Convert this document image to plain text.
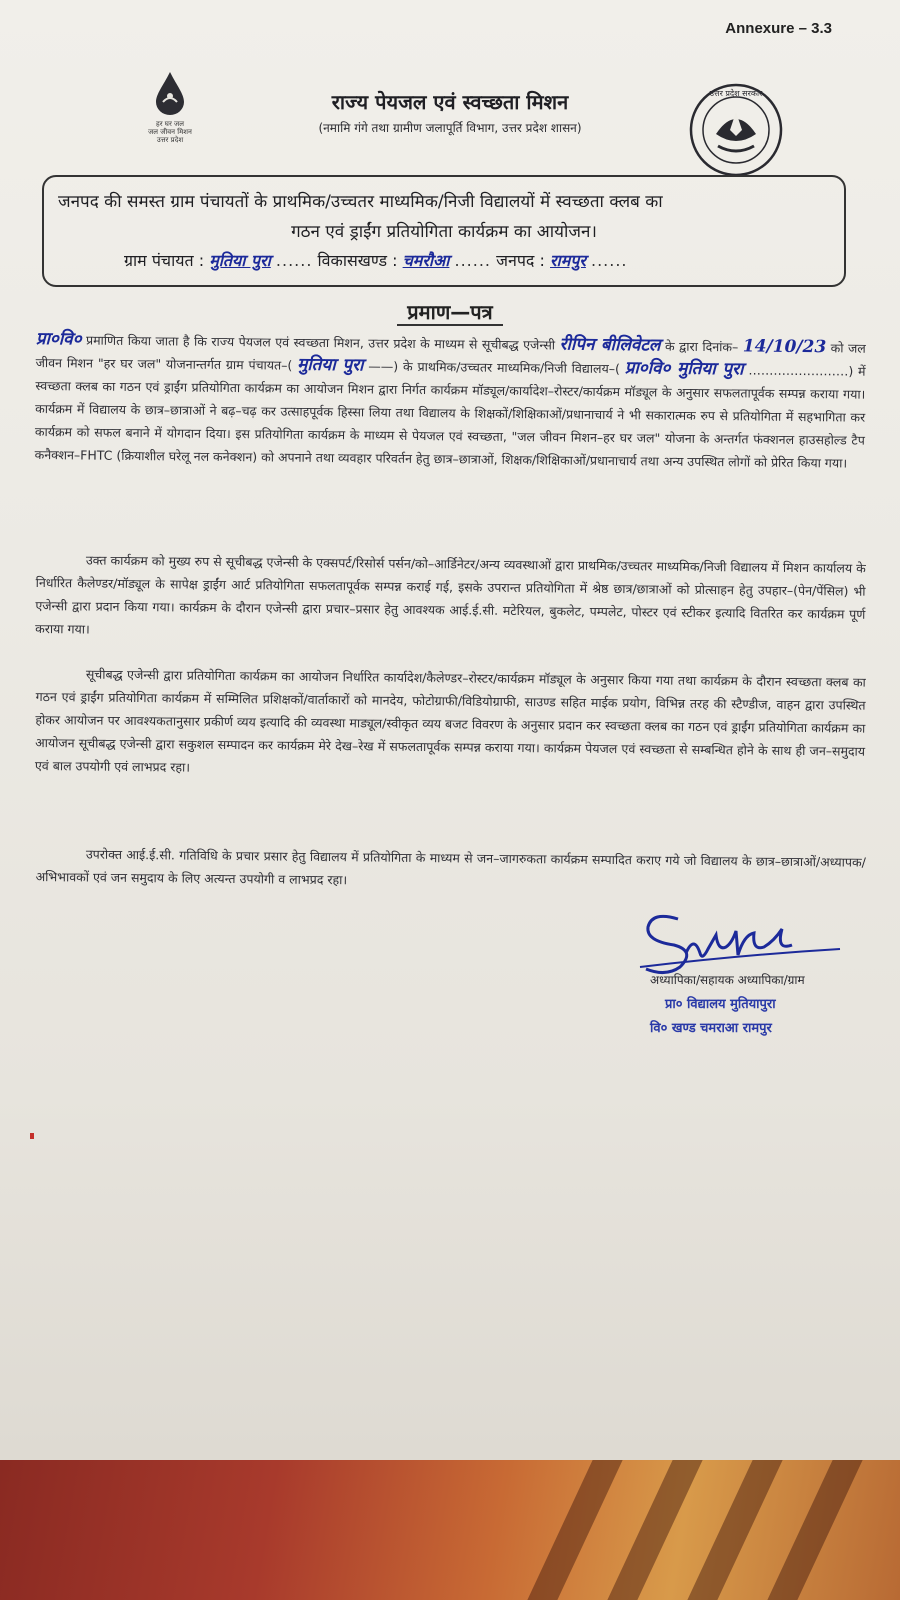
Annexure – 3.3
हर घर जल
जल जीवन मिशन
उत्तर प्रदेश
राज्य पेयजल एवं स्वच्छता मिशन
(नमामि गंगे तथा ग्रामीण जलापूर्ति विभाग, उत्तर प्रदेश शासन)
उत्तर प्रदेश सरकार
जनपद की समस्त ग्राम पंचायतों के प्राथमिक/उच्चतर माध्यमिक/निजी विद्यालयों में स्वच्छता क्लब का
गठन एवं ड्राईंग प्रतियोगिता कार्यक्रम का आयोजन।
ग्राम पंचायत : मुतिया पुरा ...... विकासखण्ड : चमरौआ ...... जनपद : रामपुर ......
प्रमाण—पत्र
प्रा०वि० प्रमाणित किया जाता है कि राज्य पेयजल एवं स्वच्छता मिशन, उत्तर प्रदेश के माध्यम से सूचीबद्ध एजेन्सी रीपिन बीलिवेटल के द्वारा दिनांक– 14/10/23 को जल जीवन मिशन "हर घर जल" योजनान्तर्गत ग्राम पंचायत–( मुतिया पुरा ——) के प्राथमिक/उच्चतर माध्यमिक/निजी विद्यालय–( प्रा०वि० मुतिया पुरा ……………………) में स्वच्छता क्लब का गठन एवं ड्राईंग प्रतियोगिता कार्यक्रम का आयोजन मिशन द्वारा निर्गत कार्यक्रम मॉड्यूल/कार्यादेश–रोस्टर/कार्यक्रम मॉड्यूल के अनुसार सफलतापूर्वक सम्पन्न कराया गया। कार्यक्रम में विद्यालय के छात्र–छात्राओं ने बढ़–चढ़ कर उत्साहपूर्वक हिस्सा लिया तथा विद्यालय के शिक्षकों/शिक्षिकाओं/प्रधानाचार्य ने भी सकारात्मक रुप से प्रतियोगिता में सहभागिता कर कार्यक्रम को सफल बनाने में योगदान दिया। इस प्रतियोगिता कार्यक्रम के माध्यम से पेयजल एवं स्वच्छता, "जल जीवन मिशन–हर घर जल" योजना के अन्तर्गत फंक्शनल हाउसहोल्ड टैप कनैक्शन–FHTC (क्रियाशील घरेलू नल कनेक्शन) को अपनाने तथा व्यवहार परिवर्तन हेतु छात्र–छात्राओं, शिक्षक/शिक्षिकाओं/प्रधानाचार्य तथा अन्य उपस्थित लोगों को प्रेरित किया गया।
उक्त कार्यक्रम को मुख्य रुप से सूचीबद्ध एजेन्सी के एक्सपर्ट/रिसोर्स पर्सन/को–आर्डिनेटर/अन्य व्यवस्थाओं द्वारा प्राथमिक/उच्चतर माध्यमिक/निजी विद्यालय में मिशन कार्यालय के निर्धारित कैलेण्डर/मॉड्यूल के सापेक्ष ड्राईंग आर्ट प्रतियोगिता सफलतापूर्वक सम्पन्न कराई गई, इसके उपरान्त प्रतियोगिता में श्रेष्ठ छात्र/छात्राओं को प्रोत्साहन हेतु उपहार–(पेन/पेंसिल) भी एजेन्सी द्वारा प्रदान किया गया। कार्यक्रम के दौरान एजेन्सी द्वारा प्रचार–प्रसार हेतु आवश्यक आई.ई.सी. मटेरियल, बुकलेट, पम्पलेट, पोस्टर एवं स्टीकर इत्यादि वितरित कर कार्यक्रम पूर्ण कराया गया।
सूचीबद्ध एजेन्सी द्वारा प्रतियोगिता कार्यक्रम का आयोजन निर्धारित कार्यादेश/कैलेण्डर–रोस्टर/कार्यक्रम मॉड्यूल के अनुसार किया गया तथा कार्यक्रम के दौरान स्वच्छता क्लब का गठन एवं ड्राईंग प्रतियोगिता कार्यक्रम में सम्मिलित प्रशिक्षकों/वार्ताकारों को मानदेय, फोटोग्राफी/विडियोग्राफी, साउण्ड सहित माईक प्रयोग, विभिन्न तरह की स्टैण्डीज, वाहन द्वारा उपस्थित होकर आयोजन पर आवश्यकतानुसार प्रकीर्ण व्यय इत्यादि की व्यवस्था माड्यूल/स्वीकृत व्यय बजट विवरण के अनुसार प्रदान कर स्वच्छता क्लब का गठन एवं ड्राईंग प्रतियोगिता कार्यक्रम का आयोजन सूचीबद्ध एजेन्सी द्वारा सकुशल सम्पादन कर कार्यक्रम मेरे देख–रेख में सफलतापूर्वक सम्पन्न कराया गया। कार्यक्रम पेयजल एवं स्वच्छता से सम्बन्धित होने के साथ ही जन–समुदाय एवं बाल उपयोगी एवं लाभप्रद रहा।
उपरोक्त आई.ई.सी. गतिविधि के प्रचार प्रसार हेतु विद्यालय में प्रतियोगिता के माध्यम से जन–जागरुकता कार्यक्रम सम्पादित कराए गये जो विद्यालय के छात्र–छात्राओं/अध्यापक/अभिभावकों एवं जन समुदाय के लिए अत्यन्त उपयोगी व लाभप्रद रहा।
अध्यापिका/सहायक अध्यापिका/ग्राम
प्रा० विद्यालय मुतियापुरा
वि० खण्ड चमराआ रामपुर
